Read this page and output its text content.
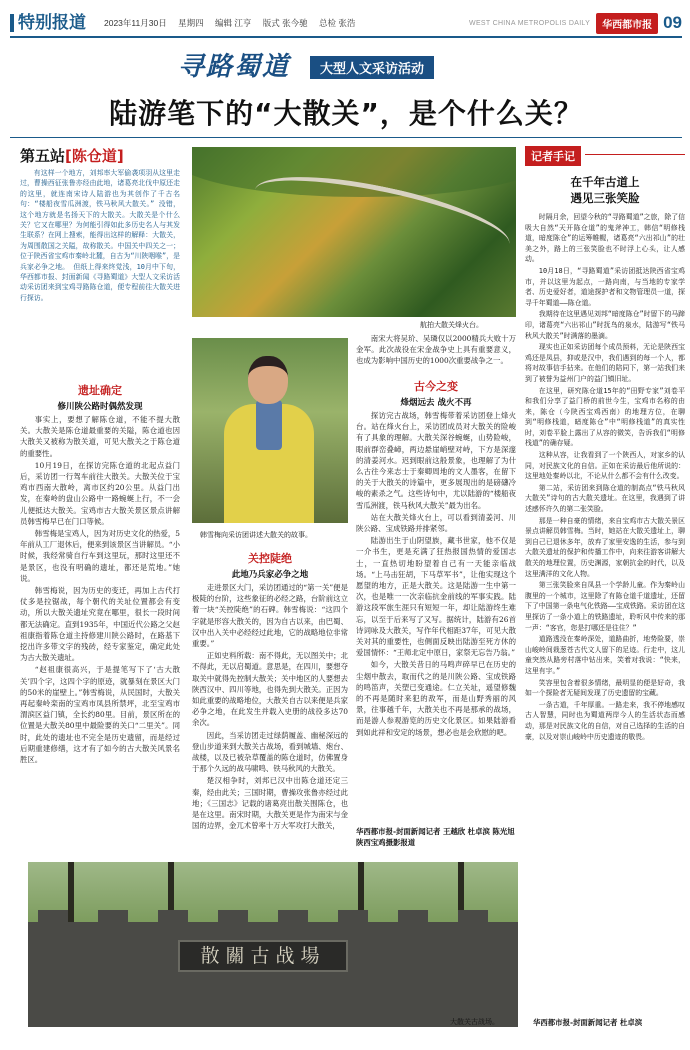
特别报道	2023年11月30日 星期四 编辑 江亨 版式 张今驰 总检 张浩	WEST CHINA METROPOLIS DAILY	华西都市报 09
寻路蜀道	大型人文采访活动
陆游笔下的“大散关”，是个什么关？
第五站[陈仓道]

有这样一个地方，刘邦率大军偷袭项羽从这里走过，曹操西征张鲁亦经由此地，诸葛亮北伐中原还走的这里，就连南宋诗人陆游也为其创作了千古名句：“楼船夜雪瓜洲渡，铁马秋风大散关。” 没错，这个地方就是名扬天下的大散关。大散关是个什么关？它又在哪里？为何能引得如此多历史名人与其发生联系？在网上搜索，能得出这样的解释：大散关，为周围散国之关隘，故称散关。中国关中四关之一；位于陕西省宝鸡市秦岭北麓，自古为“川陕咽喉”，是兵家必争之地。 但纸上得来终觉浅，10月中下旬，华西都市报、封面新闻《寻路蜀道》大型人文采访活动采访团来到宝鸡寻路陈仓道，便专程前往大散关进行探访。

遗址确定
修川陕公路时偶然发现

事实上，要想了解陈仓道，不能不提大散关。大散关是陈仓道最重要的关隘，陈仓道也因大散关又被称为散关道，可见大散关之于陈仓道的重要性。

10月19日，在探访完陈仓道的北起点益门后，采访团一行驾车前往大散关。大散关位于宝鸡市西南大散岭，离市区约20公里。从益门出发，在秦岭的盘山公路中一路蜿蜒上行，不一会儿便抵达大散关。宝鸡市古大散关景区景点讲解员韩雪梅早已在门口等候。

韩雪梅是宝鸡人，因为对历史文化的热爱，5年前从工厂退休后，便来到该景区当讲解员。“小时候，我经常骑自行车到这里玩，那时这里还不是景区，也没有明确的遗址，都还是荒地。”她说。

韩雪梅说，因为历史的变迁，再加上古代打仗多是拉锯战，每个朝代的关址位置都会有变动，所以大散关遗址究竟在哪里，很长一段时间都无法确定。直到1935年，中国近代公路之父赵祖康指着陈仓道主持修建川陕公路时，在路基下挖出许多带文字的残砖，经专家鉴定，确定此处为古大散关遗址。

“赵祖康很高兴，于是提笔写下了‘古大散关’四个字，这四个字的原迹，就暴刻在景区大门的50米的崖壁上。”韩雪梅说，从民国时，大散关再起秦岭栾南的宝鸡市凤县所禁坪，北至宝鸡市渭滨区益门镇，全长约80里。目前，景区所在的位置是大散关80里中最险要的关口“二里关”。同时，此处的遗址也不完全是历史遗留，而是经过后期重建修缮，这才有了如今的古大散关风景名胜区。

航拍大散关烽火台。
韩雪梅向采访团讲述大散关的故事。
关控陡绝
此地乃兵家必争之地

走进景区大门，采访团通过的“第一关”便是极陡的台阶，这些象征的必经之路，台阶前这立着一块“关控陡绝”的石碑。韩雪梅说：“这四个字就是形容大散关的，因为自古以来，由巴蜀、汉中出入关中必经经过此地，它的战略地位非常重要。”

正如史料所载：南不得此，无以图关中；北不得此，无以启蜀道。意思是，在四川，要想夺取关中就得先控制大散关；关中地区的人要想去陕西汉中、四川等地，也得先到大散关。正因为如此重要的战略地位，大散关自古以来便是兵家必争之地，在此发生并载入史册的战役多达70余次。

因此，当采访团走过绿荫履盖、幽秘深远的登山步道来到大散关古战场，看到城墙、炮台、战楼，以及已被杂草覆盖的陈仓道时，仿佛置身于那个久远的战马啸鸣、铁马秋风的大散关。

楚汉相争时，刘邦已汉中出陈仓道还定三秦，经由此关；三国时期，曹操攻张鲁亦经过此地；《三国志》记载的诸葛亮出散关围陈仓，也是在这里。南宋时期，大散关更是作为南宋与金国的边界，金兀术曾率十万大军攻打大散关，

南宋大将吴玠、吴璘仅以2000精兵大败十万金军。此次战役在宋金战争史上具有重要意义，也成为影响中国历史的1000次重要战争之一。

古今之变
烽烟远去 战火不再

探访完古战场，韩雪梅带着采访团登上烽火台。站在烽火台上，采访团成员对大散关的险峻有了具象的理解。大散关深谷蜿蜒，山势险峻，眼前群峦叠嶂，两边悬崖峭壁对峙，下方是深邃的清姜河水。迟到眼前这般景象，也理解了为什么古往今来志士于秦卿周地的文人墨客，在留下的关于大散关的诗篇中，更多展现出的是磅礴冷峻的素杀之气。这些诗句中，尤以陆游的“楼船夜雪瓜洲渡，铁马秋风大散关”最为出名。

站在大散关烽火台上，可以看到清姜河、川陕公路、宝成铁路并排紧邻。

陆游出生于山阴望族，藏书世家，他不仅是一介书生，更是充满了狂热报国热情的爱国志士，一直热切地盼望着自己有一天能亲临战场。“上马击狂胡，下马草军书”，让他实现这个愿望的地方，正是大散关。这是陆游一生中第一次，也是唯一一次亲临抗金前线的军事实践。陆游这段军旅生涯只有短短一年，却让陆游终生难忘，以至于后来写了又写。据统计，陆游有26首诗词咏及大散关，写作年代相距37年，可见大散关对其的重要性，也侧面反映出陆游至死方休的爱国情怀：“王师北定中原日，家祭无忘告乃翁。”

如今，大散关昔日的马鸣声碎早已在历史的尘烟中散去，取而代之的是川陕公路、宝成铁路的鸣笛声，关塑已变通途。仁立关址，遥望修魏的不再是随时来犯的敌军，而是山野秀丽的风景，往事越千年，大散关也不再是那承的战场，而是游人参观游览的历史文化景区。如果陆游看到如此祥和安定的场景，想必也是会欣慰的吧。

华西都市报-封面新闻记者 王越欣 杜卓滨 陈光旭 陕西宝鸡摄影报道
记者手记
在千年古道上
遇见三张笑脸

时隔月余，回望今秋的“寻路蜀道”之旅，除了信吸大自然“天开陈仓道”的鬼斧神工，韩信“明修栈道，暗度陈仓”的运筹帷幄，诸葛亮“六出祁山”的壮美之外，路上的三张笑脸也不时浮上心头，让人感动。

10月18日，“寻路蜀道”采访团抵达陕西省宝鸡市，并以这里为起点，一路向南，与当地的专家学者、历史爱好者，道途探护者和文物管理员一道，探寻千年蜀道——陈仓道。

我期待在这里遇见刘邦“暗度陈仓”时留下的马蹄印，诸葛亮“六出祁山”时抚鸟的泉水，陆游写“铁马秋风大散关”时满落的墨滴。

现实也正如采访团每个成员预料，无论是陕西宝鸡还是凤县，抑或是汉中，我们遇到的每一个人，都将对故事信手拈来。在他们的陪同下，第一站我们来到了被誉为益州门户的益门镇旧址。

在这里，研究陈仓道15年的“田野专家”刘卷平和我们分享了益门桥的前世今生，宝鸡市名称的由来，陈仓（今陕西宝鸡西南）的地理方位，在聊到“明修栈道，暗度陈仓”中“明修栈道”的真实性时，刘卷平脸上露出了从容的微笑，告诉我们“明修栈道”的确存疑。

这种从容，让我看到了一个陕西人，对家乡的认同，对民族文化的自信。正如在采访最后他所说的：这里地处秦岭以北，不论从什么都不会有什么改变。

第二站，采访团来到陈仓道的制高点“铁马秋风大散关”诗句的古大散关遗址。在这里，我遇到了讲述感怀许久的第二张笑脸。

那是一种自豪的情绪，来自宝鸡市古大散关景区景点讲解员韩雪梅。当时，她站在大散关遗址上，聊到自己已退休多年，放弃了家里安逸的生活，参与到大散关遗址的保护和传播工作中，向来往游客讲解大散关的地理位置，历史渊源，家朝抗金的时代，以及这里满洋的文化人物。

第三张笑脸来自凤县一个学龄儿童。作为秦岭山腹里的一个城市，这里除了有陈仓道千道遗址，还留下了中国第一条电气化铁路——宝成铁路。采访团在这里探访了一条小道上的铁路遗址，聆听风中传来的那一声：“客官，您是打哪还是往住？”

道路透没在秦岭深处，道路曲折，地势险要，崇山峻岭间栽葱苍古代文人留下的足迹。行走中，这儿童突然从路旁村落中钻出来，笑着对我说：“快来，这里有宇。”

笑容里包含着很多情绪，最明显的便是好奇，我如一个探险者无疑间发现了历史遗留的宝藏。

一条古道，千年厚重。一路走来，我不停地感叹古人智慧，同时也为蜀道两岸今人的生活状态而感动，那是对民族文化的自信，对自己选择的生活的自豪，以及对崇山峻岭中历史遗迹的敬畏。

华西都市报-封面新闻记者 杜卓滨
散關古战場
大散关古战场。
